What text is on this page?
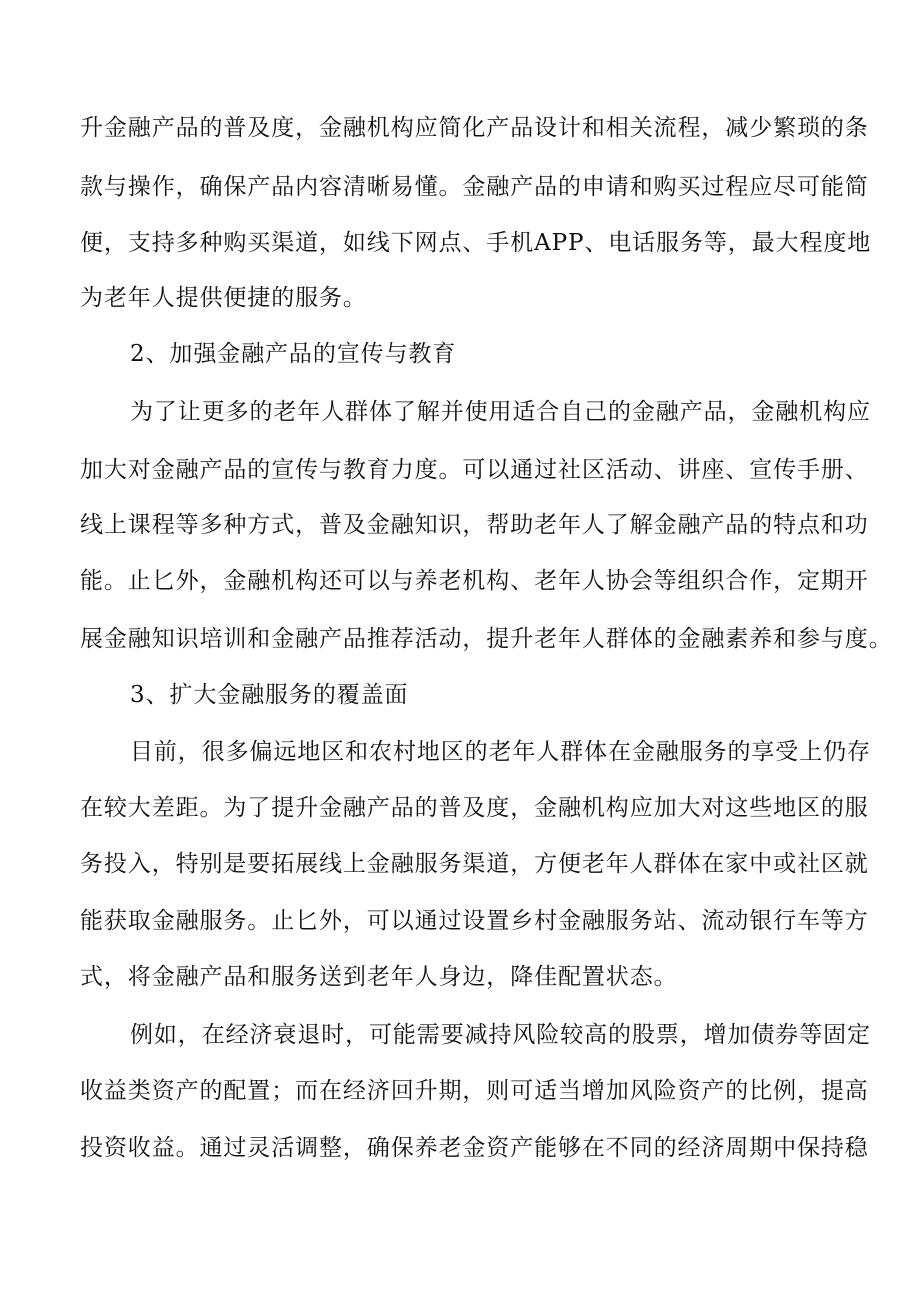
升金融产品的普及度，金融机构应简化产品设计和相关流程，减少繁琐的条
款与操作，确保产品内容清晰易懂。金融产品的申请和购买过程应尽可能简
便，支持多种购买渠道，如线下网点、手机APP、电话服务等，最大程度地
为老年人提供便捷的服务。
2、加强金融产品的宣传与教育
为了让更多的老年人群体了解并使用适合自己的金融产品，金融机构应
加大对金融产品的宣传与教育力度。可以通过社区活动、讲座、宣传手册、
线上课程等多种方式，普及金融知识，帮助老年人了解金融产品的特点和功
能。止匕外，金融机构还可以与养老机构、老年人协会等组织合作，定期开
展金融知识培训和金融产品推荐活动，提升老年人群体的金融素养和参与度。
3、扩大金融服务的覆盖面
目前，很多偏远地区和农村地区的老年人群体在金融服务的享受上仍存
在较大差距。为了提升金融产品的普及度，金融机构应加大对这些地区的服
务投入，特别是要拓展线上金融服务渠道，方便老年人群体在家中或社区就
能获取金融服务。止匕外，可以通过设置乡村金融服务站、流动银行车等方
式，将金融产品和服务送到老年人身边，降佳配置状态。
例如，在经济衰退时，可能需要减持风险较高的股票，增加债券等固定
收益类资产的配置；而在经济回升期，则可适当增加风险资产的比例，提高
投资收益。通过灵活调整，确保养老金资产能够在不同的经济周期中保持稳
